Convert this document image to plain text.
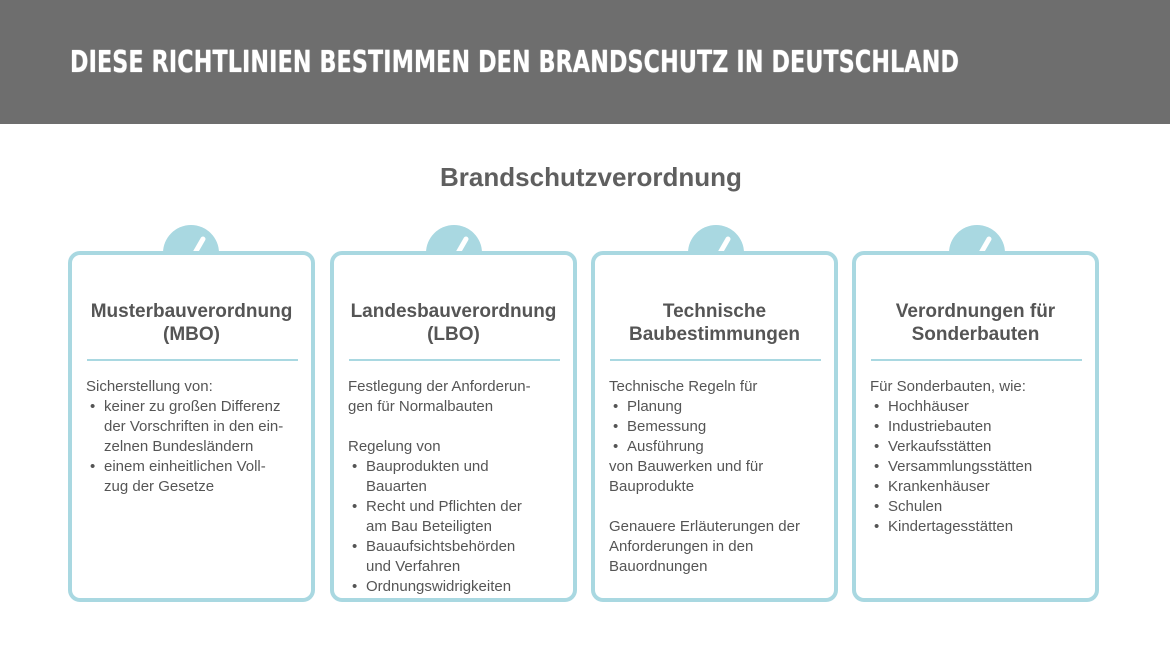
DIESE RICHTLINIEN BESTIMMEN DEN BRANDSCHUTZ IN DEUTSCHLAND
Brandschutzverordnung
Musterbauverordnung
(MBO)

Sicherstellung von:

• keiner zu großen Differenz
der Vorschriften in den ein-
zelnen Bundesländern
• einem einheitlichen Voll-
zug der Gesetze
Landesbauverordnung
(LBO)

Festlegung der Anforderun-

gen für Normalbauten

Regelung von

• Bauprodukten und
Bauarten
• Recht und Pflichten der
am Bau Beteiligten
• Bauaufsichtsbehörden
und Verfahren
• Ordnungswidrigkeiten
Technische
Baubestimmungen

Technische Regeln für

• Planung
• Bemessung
• Ausführung

von Bauwerken und für

Bauprodukte

Genauere Erläuterungen der

Anforderungen in den

Bauordnungen

Verordnungen für
Sonderbauten

Für Sonderbauten, wie:

• Hochhäuser
• Industriebauten
• Verkaufsstätten
• Versammlungsstätten
• Krankenhäuser
• Schulen
• Kindertagesstätten
